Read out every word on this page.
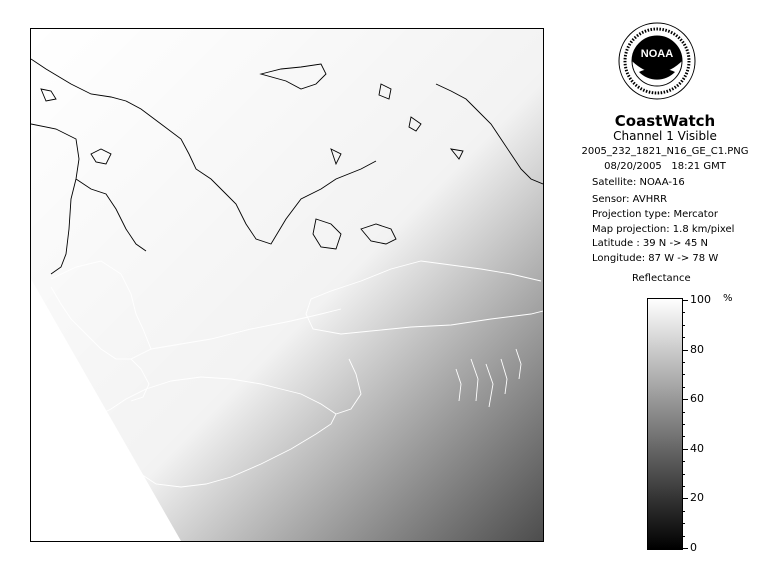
NOAA
CoastWatch
Channel 1 Visible
2005_232_1821_N16_GE_C1.PNG
08/20/2005 18:21 GMT
Satellite: NOAA-16
Sensor: AVHRR
Projection type: Mercator
Map projection: 1.8 km/pixel
Latitude : 39 N -> 45 N
Longitude: 87 W -> 78 W
Reflectance
%
100
80
60
40
20
0
